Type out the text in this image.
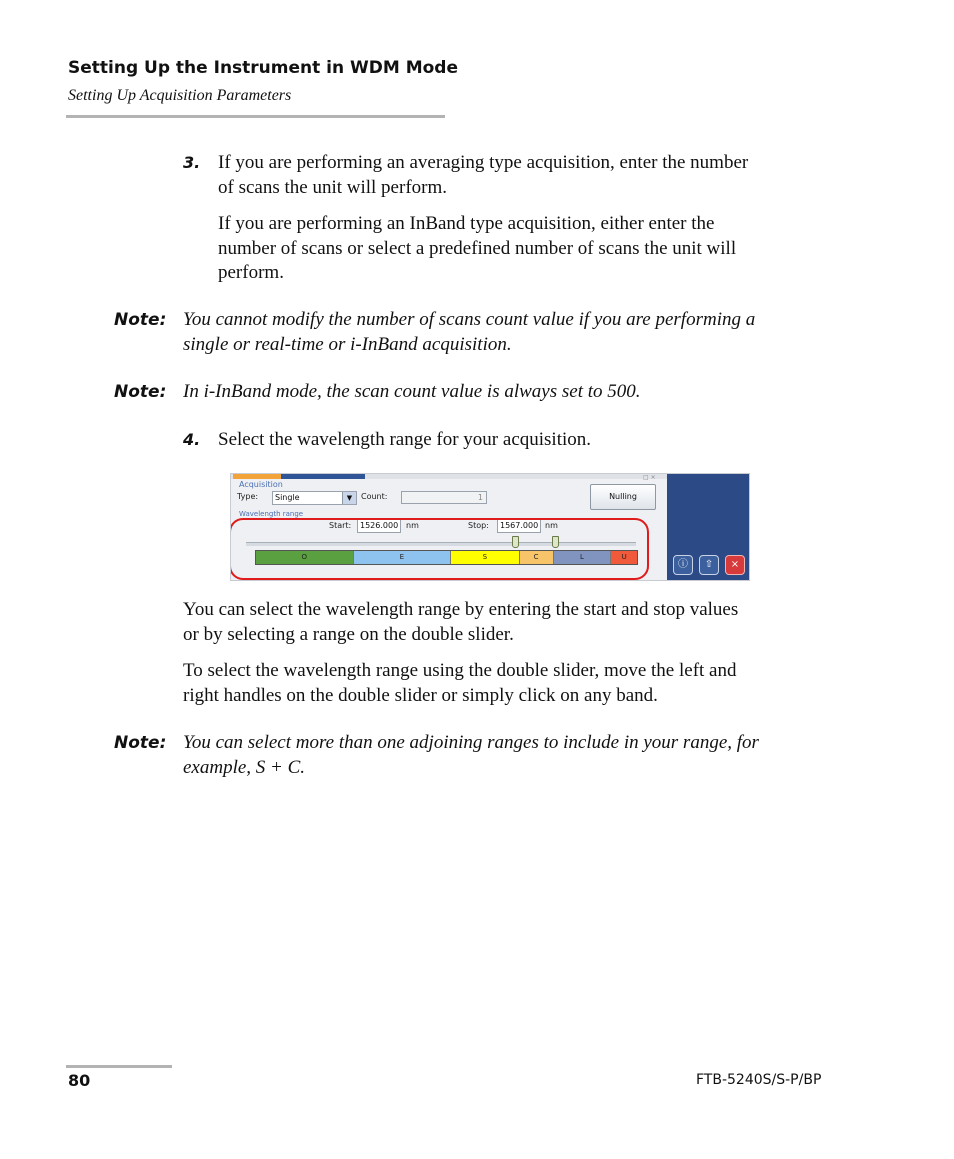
Setting Up the Instrument in WDM Mode
Setting Up Acquisition Parameters
3. If you are performing an averaging type acquisition, enter the number
of scans the unit will perform.
If you are performing an InBand type acquisition, either enter the
number of scans or select a predefined number of scans the unit will
perform.
Note: You cannot modify the number of scans count value if you are performing a
single or real-time or i-InBand acquisition.
Note: In i-InBand mode, the scan count value is always set to 500.
4. Select the wavelength range for your acquisition.
□ ×
Acquisition
Type:	Single	▼	Count:	1	Nulling
Wavelength range
Start:	1526.000 nm	Stop:	1567.000 nm
O	E	S	C	L	U
ⓘ	⇧	×
You can select the wavelength range by entering the start and stop values
or by selecting a range on the double slider.
To select the wavelength range using the double slider, move the left and
right handles on the double slider or simply click on any band.
Note: You can select more than one adjoining ranges to include in your range, for
example, S + C.
80	FTB-5240S/S-P/BP
